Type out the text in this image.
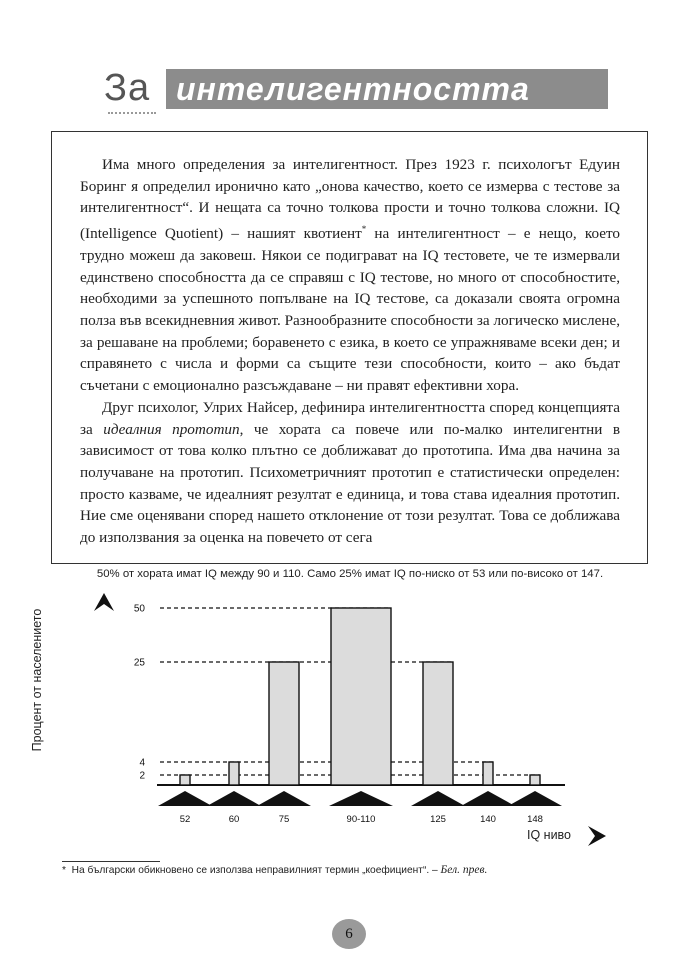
За интелигентността

Има много определения за интелигентност. През 1923 г. психологът Едуин Боринг я определил иронично като „онова качество, което се измерва с тестове за интелигентност“. И нещата са точно толкова прости и точно толкова сложни. IQ (Intelligence Quotient) – нашият квотиент* на интелигентност – е нещо, което трудно можеш да заковеш. Някои се подиграват на IQ тестовете, че те измервали единствено способността да се справяш с IQ тестове, но много от способностите, необходими за успешното попълване на IQ тестове, са доказали своята огромна полза във всекидневния живот. Разнообразните способности за логическо мислене, за решаване на проблеми; боравенето с езика, в което се упражняваме всеки ден; и справянето с числа и форми са същите тези способности, които – ако бъдат съчетани с емоционално разсъждаване – ни правят ефективни хора.

Друг психолог, Улрих Найсер, дефинира интелигентността според концепцията за идеалния прототип, че хората са повече или по-малко интелигентни в зависимост от това колко плътно се доближават до прототипа. Има два начина за получаване на прототип. Психометричният прототип е статистически определен: просто казваме, че идеалният резултат е единица, и това става идеалния прототип. Ние сме оценявани според нашето отклонение от този резултат. Това се доближава до използвания за оценка на повечето от сега

50% от хората имат IQ между 90 и 110. Само 25% имат IQ по-ниско от 53 или по-високо от 147.
2
4
25
50
52	60	75	90-110	125	140	148
Процент от населението
IQ ниво
* На български обикновено се използва неправилният термин „коефициент“. – Бел. прев.
6
